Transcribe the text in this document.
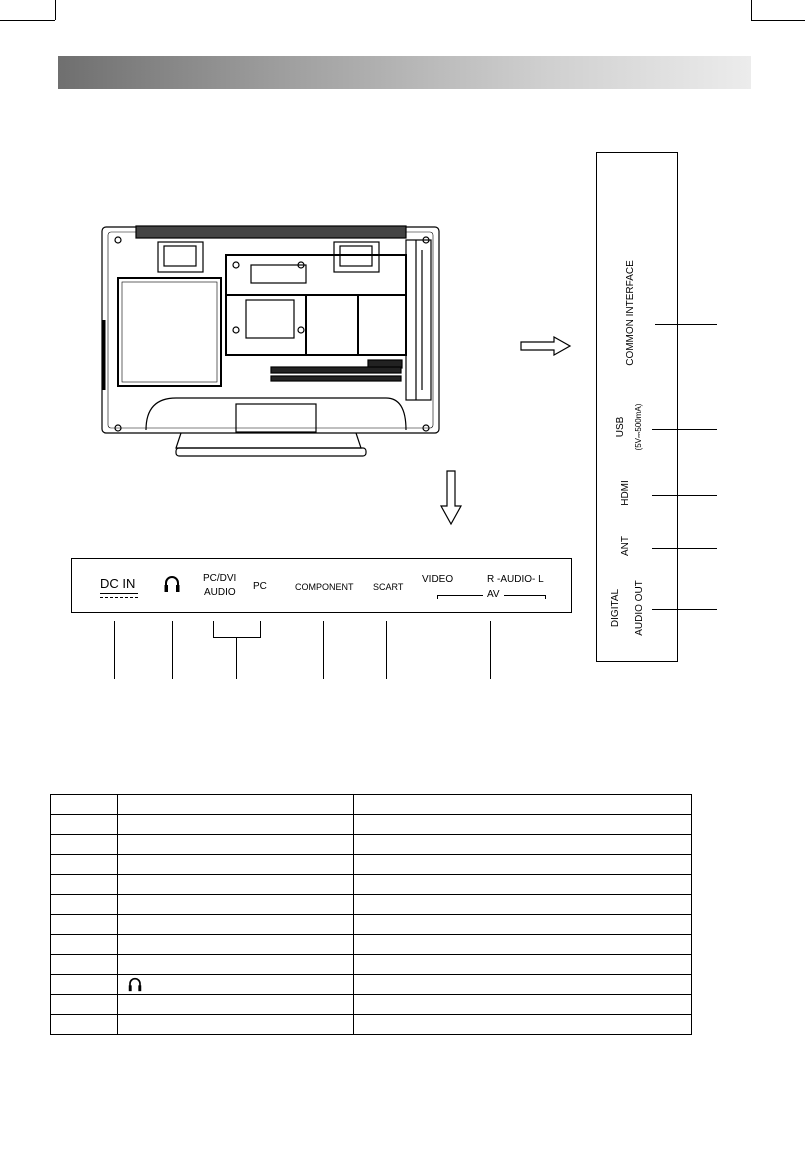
COMMON INTERFACE
USB (5V⎓500mA)
HDMI
ANT
DIGITAL AUDIO OUT
DC IN	PC/DVI
AUDIO
PC	COMPONENT SCART
VIDEO	R -AUDIO- L
AV
